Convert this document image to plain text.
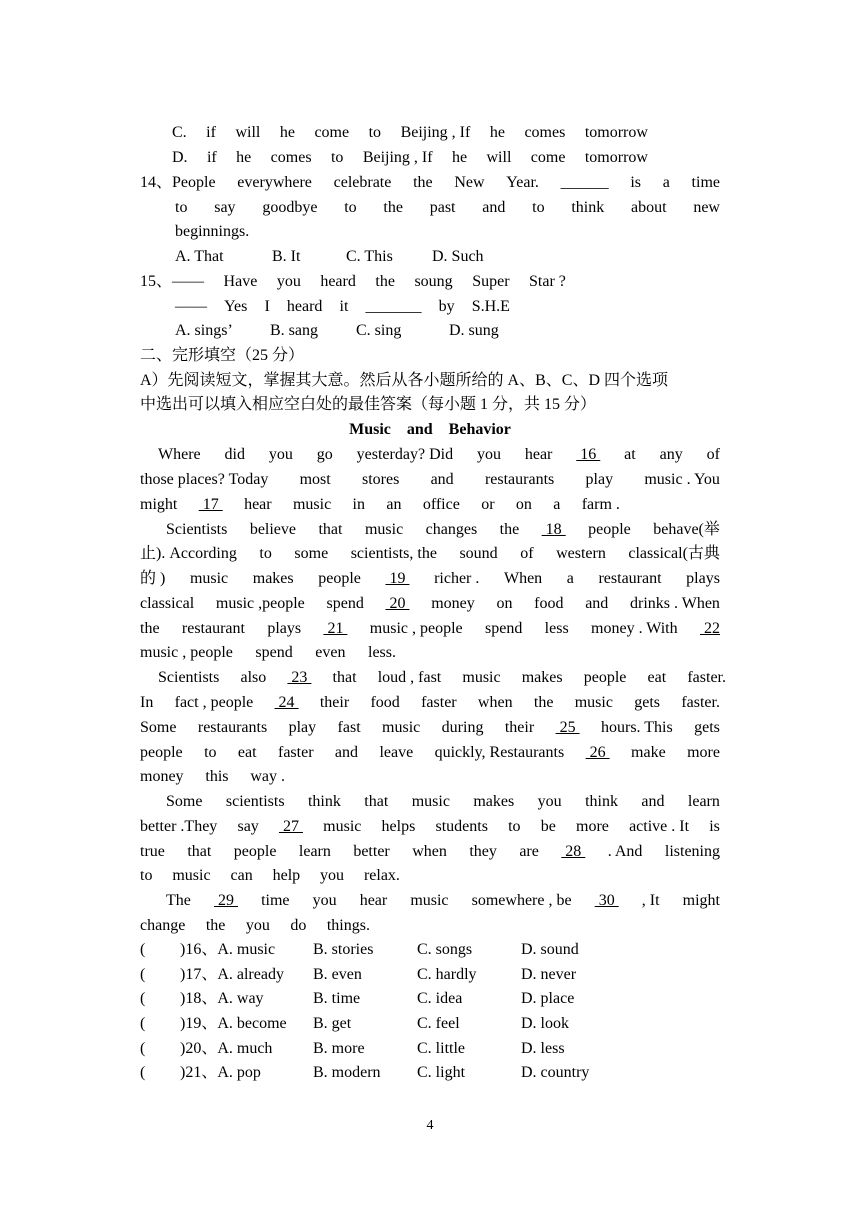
C. if will he come to Beijing , If he comes tomorrow
D. if he comes to Beijing , If he will come tomorrow
14、People everywhere celebrate the New Year. ______ is a time
to say goodbye to the past and to think about new
beginnings.
A. That	B. It	C. This D. Such
15、—— Have you heard the soung Super Star ?
—— Yes I heard it _______ by S.H.E
A. sings’ B. sang C. sing	D. sung
二、完形填空（25 分）
A）先阅读短文，掌握其大意。然后从各小题所给的 A、B、C、D 四个选项
中选出可以填入相应空白处的最佳答案（每小题 1 分，共 15 分）
Music    and    Behavior
Where did you go yesterday? Did you hear 16 at any of
those places? Today most stores and restaurants play music . You
might 17 hear music in an office or on a farm .
Scientists believe that music changes the 18 people behave(举
止). According to some scientists, the sound of western classical(古典
的 ) music makes people 19 richer . When a restaurant plays
classical music ,people spend 20 money on food and drinks . When
the restaurant plays 21 music , people spend less money . With 22
music , people spend even less.
Scientists also 23 that loud , fast music makes people eat faster.
In fact , people 24 their food faster when the music gets faster.
Some restaurants play fast music during their 25 hours. This gets
people to eat faster and leave quickly, Restaurants 26 make more
money this way .
Some scientists think that music makes you think and learn
better .They say 27 music helps students to be more active . It is
true that people learn better when they are 28 . And listening
to music can help you relax.
The 29 time you hear music somewhere , be 30 , It might
change the you do things.
( )16、A. music B. stories	C. songs	D. sound
( )17、A. already B. even	C. hardly	D. never
( )18、A. way	B. time	C. idea	D. place
( )19、A. become B. get	C. feel	D. look
( )20、A. much	B. more	C. little	D. less
( )21、A. pop	B. modern C. light	D. country
4
